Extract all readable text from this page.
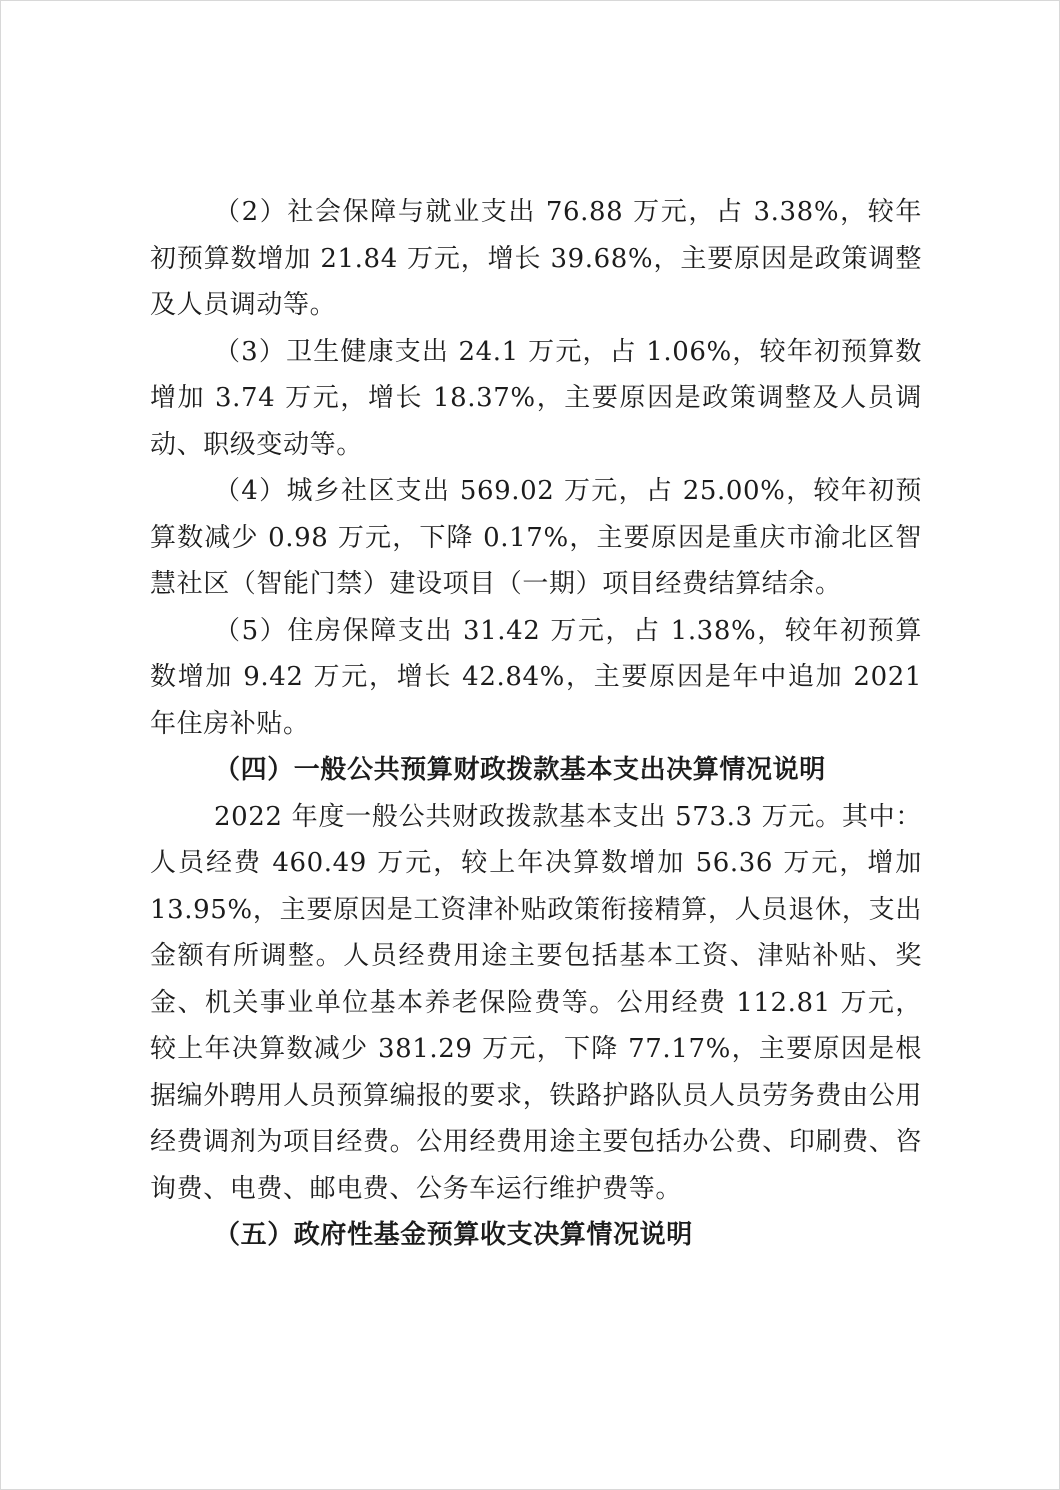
（2）社会保障与就业支出 76.88 万元，占 3.38%，较年初预算数增加 21.84 万元，增长 39.68%，主要原因是政策调整及人员调动等。

（3）卫生健康支出 24.1 万元，占 1.06%，较年初预算数增加 3.74 万元，增长 18.37%，主要原因是政策调整及人员调动、职级变动等。

（4）城乡社区支出 569.02 万元，占 25.00%，较年初预算数减少 0.98 万元，下降 0.17%，主要原因是重庆市渝北区智慧社区（智能门禁）建设项目（一期）项目经费结算结余。

（5）住房保障支出 31.42 万元，占 1.38%，较年初预算数增加 9.42 万元，增长 42.84%，主要原因是年中追加 2021 年住房补贴。

（四）一般公共预算财政拨款基本支出决算情况说明

2022 年度一般公共财政拨款基本支出 573.3 万元。其中：人员经费 460.49 万元，较上年决算数增加 56.36 万元，增加 13.95%，主要原因是工资津补贴政策衔接精算，人员退休，支出金额有所调整。人员经费用途主要包括基本工资、津贴补贴、奖金、机关事业单位基本养老保险费等。公用经费 112.81 万元，较上年决算数减少 381.29 万元，下降 77.17%，主要原因是根据编外聘用人员预算编报的要求，铁路护路队员人员劳务费由公用经费调剂为项目经费。公用经费用途主要包括办公费、印刷费、咨询费、电费、邮电费、公务车运行维护费等。

（五）政府性基金预算收支决算情况说明
